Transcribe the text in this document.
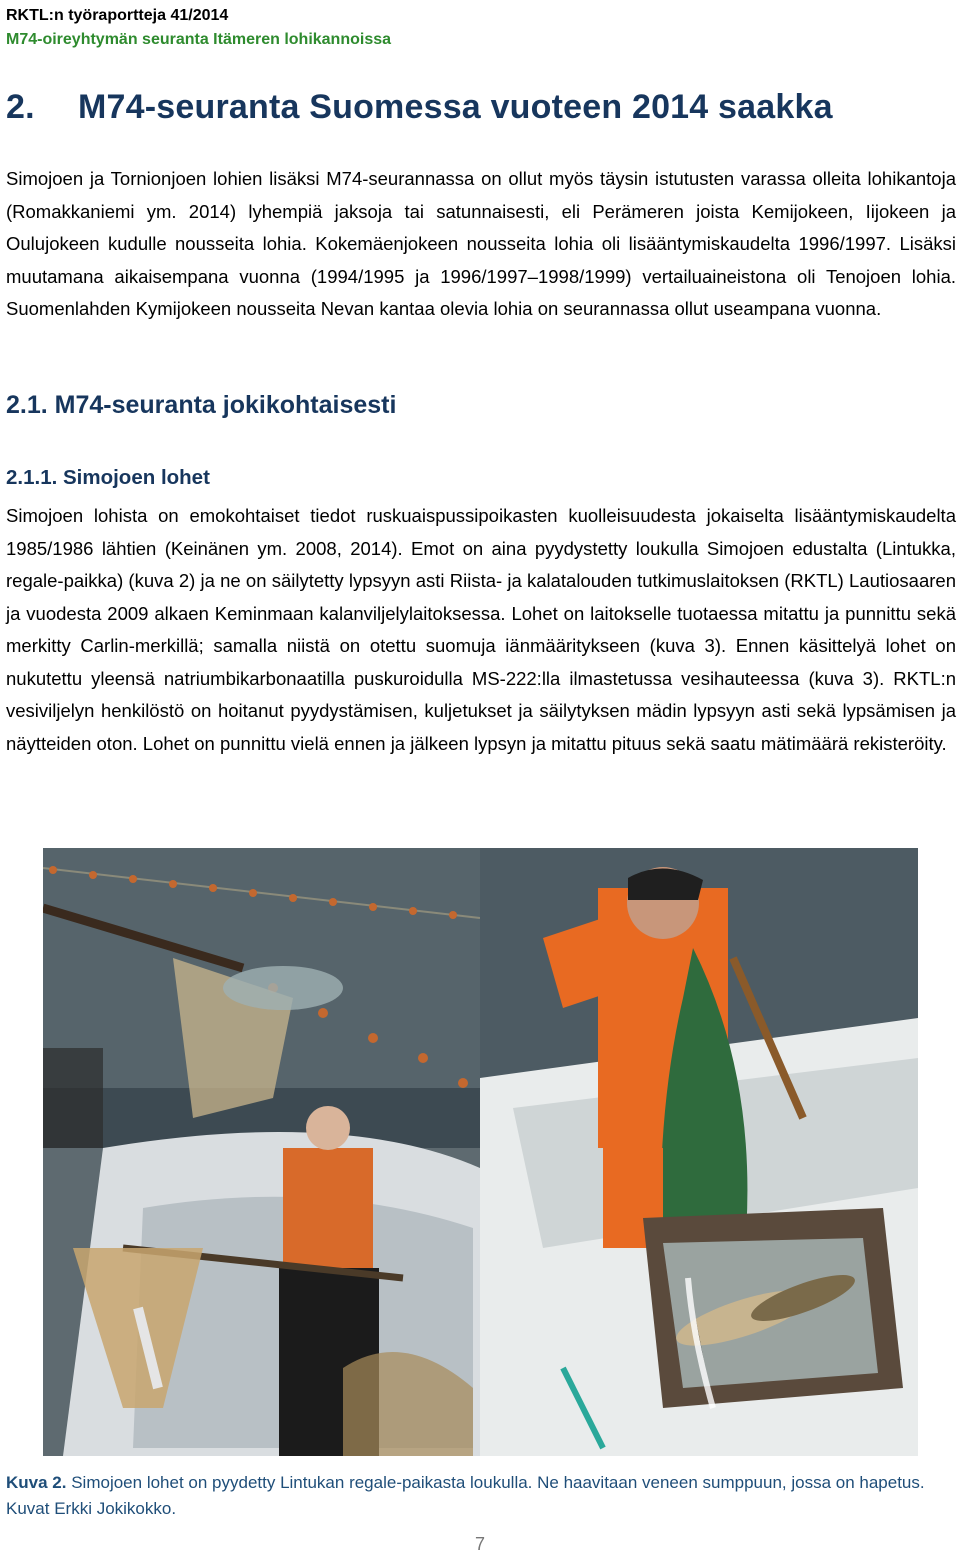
RKTL:n työraportteja 41/2014
M74-oireyhtymän seuranta Itämeren lohikannoissa
2. M74-seuranta Suomessa vuoteen 2014 saakka

Simojoen ja Tornionjoen lohien lisäksi M74-seurannassa on ollut myös täysin istutusten varassa olleita lohikantoja (Romakkaniemi ym. 2014) lyhempiä jaksoja tai satunnaisesti, eli Perämeren joista Kemijokeen, Iijokeen ja Oulujokeen kudulle nousseita lohia. Kokemäenjokeen nousseita lohia oli lisääntymiskaudelta 1996/1997. Lisäksi muutamana aikaisempana vuonna (1994/1995 ja 1996/1997–1998/1999) vertailuaineistona oli Tenojoen lohia. Suomenlahden Kymijokeen nousseita Nevan kantaa olevia lohia on seurannassa ollut useampana vuonna.

2.1. M74-seuranta jokikohtaisesti
2.1.1. Simojoen lohet

Simojoen lohista on emokohtaiset tiedot ruskuaispussipoikasten kuolleisuudesta jokaiselta lisääntymiskaudelta 1985/1986 lähtien (Keinänen ym. 2008, 2014). Emot on aina pyydystetty loukulla Simojoen edustalta (Lintukka, regale-paikka) (kuva 2) ja ne on säilytetty lypsyyn asti Riista- ja kalatalouden tutkimuslaitoksen (RKTL) Lautiosaaren ja vuodesta 2009 alkaen Keminmaan kalanviljelylaitoksessa. Lohet on laitokselle tuotaessa mitattu ja punnittu sekä merkitty Carlin-merkillä; samalla niistä on otettu suomuja iänmääritykseen (kuva 3). Ennen käsittelyä lohet on nukutettu yleensä natriumbikarbonaatilla puskuroidulla MS-222:lla ilmastetussa vesihauteessa (kuva 3). RKTL:n vesiviljelyn henkilöstö on hoitanut pyydystämisen, kuljetukset ja säilytyksen mädin lypsyyn asti sekä lypsämisen ja näytteiden oton. Lohet on punnittu vielä ennen ja jälkeen lypsyn ja mitattu pituus sekä saatu mätimäärä rekisteröity.

Kuva 2. Simojoen lohet on pyydetty Lintukan regale-paikasta loukulla. Ne haavitaan veneen sumppuun, jossa on hapetus. Kuvat Erkki Jokikokko.

7
